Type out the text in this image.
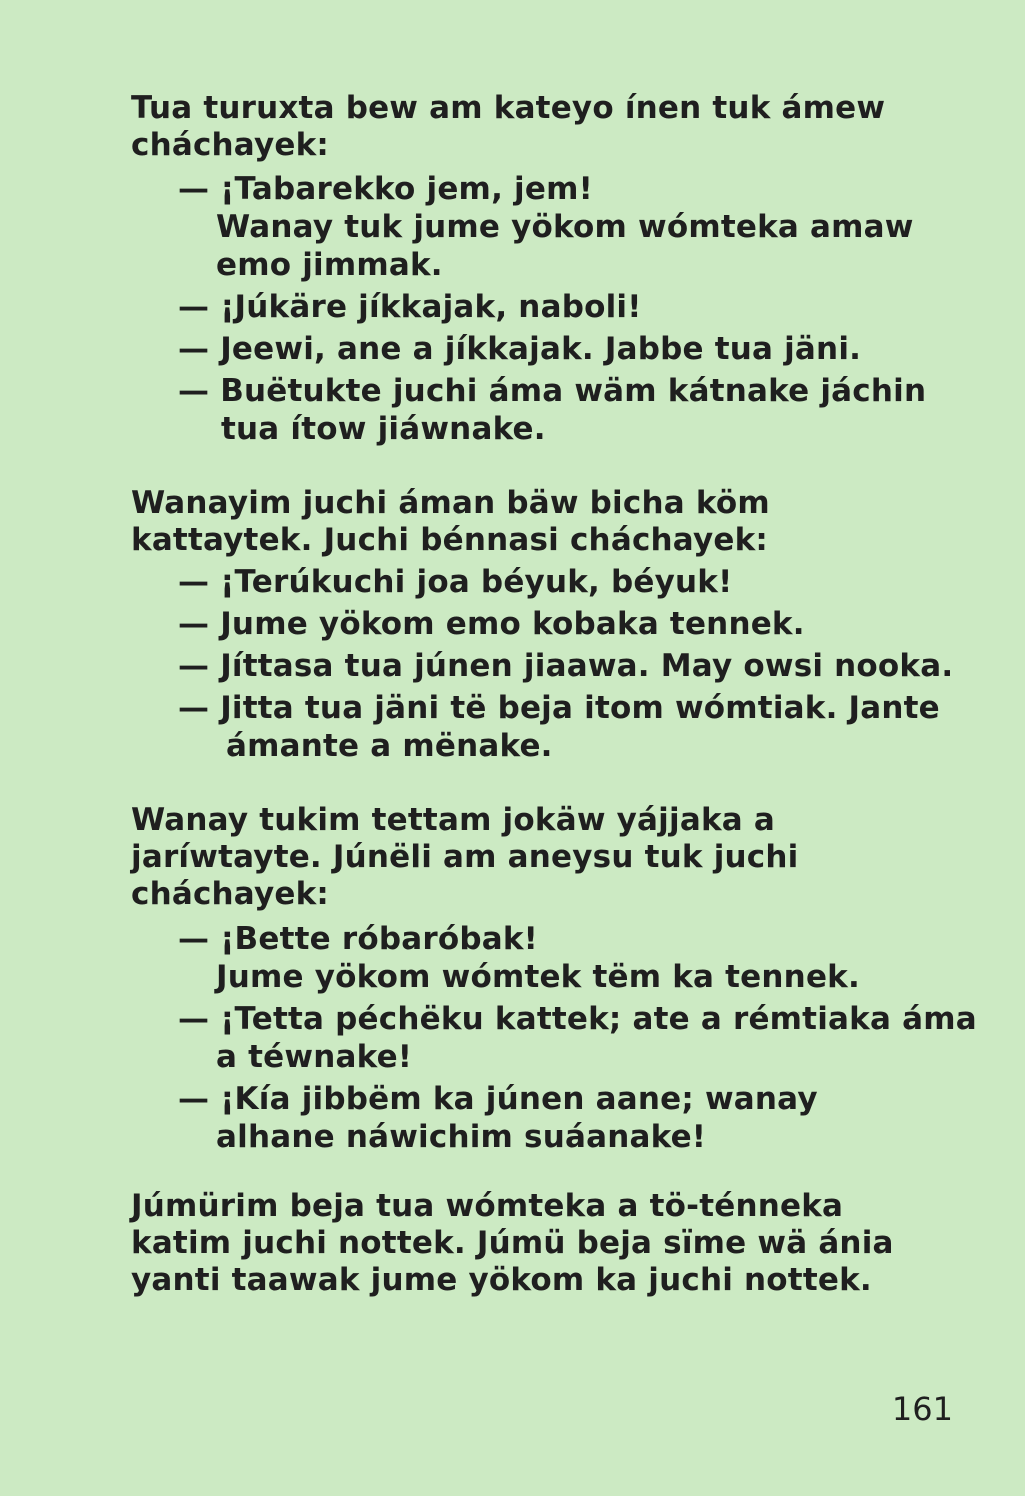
Tua turuxta bew am kateyo ínen tuk ámew
cháchayek:
— ¡Tabarekko jem, jem!
Wanay tuk jume yökom wómteka amaw
emo jimmak.
— ¡Júkäre jíkkajak, naboli!
— Jeewi, ane a jíkkajak. Jabbe tua jäni.
— Buëtukte juchi áma wäm kátnake jáchin
tua ítow jiáwnake.
Wanayim juchi áman bäw bicha köm
kattaytek. Juchi bénnasi cháchayek:
— ¡Terúkuchi joa béyuk, béyuk!
— Jume yökom emo kobaka tennek.
— Jíttasa tua júnen jiaawa. May owsi nooka.
— Jitta tua jäni të beja itom wómtiak. Jante
ámante a mënake.
Wanay tukim tettam jokäw yájjaka a
jaríwtayte. Júnëli am aneysu tuk juchi
cháchayek:
— ¡Bette róbaróbak!
Jume yökom wómtek tëm ka tennek.
— ¡Tetta péchëku kattek; ate a rémtiaka áma
a téwnake!
— ¡Kía jibbëm ka júnen aane; wanay
alhane náwichim suáanake!
Júmürim beja tua wómteka a tö-ténneka
katim juchi nottek. Júmü beja sïme wä ánia
yanti taawak jume yökom ka juchi nottek.
161
